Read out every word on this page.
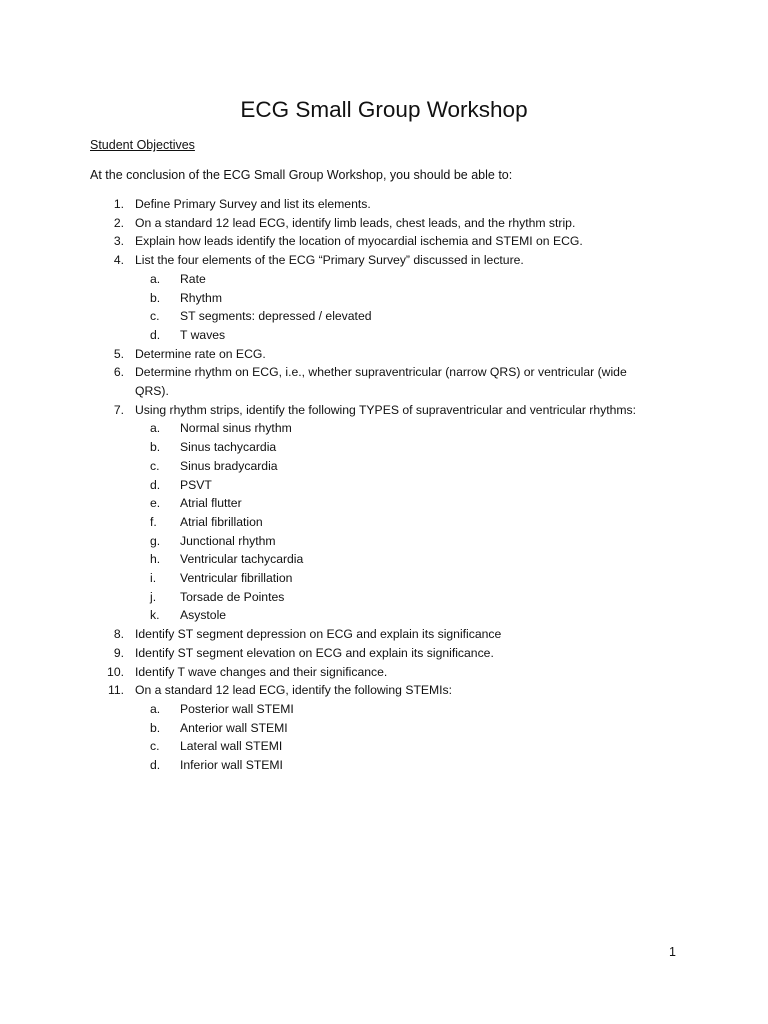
ECG Small Group Workshop

Student Objectives

At the conclusion of the ECG Small Group Workshop, you should be able to:

1. Define Primary Survey and list its elements.
2. On a standard 12 lead ECG, identify limb leads, chest leads, and the rhythm strip.
3. Explain how leads identify the location of myocardial ischemia and STEMI on ECG.
4. List the four elements of the ECG “Primary Survey” discussed in lecture.
a.	Rate
b.	Rhythm
c.	ST segments: depressed / elevated
d.	T waves
5. Determine rate on ECG.
6. Determine rhythm on ECG, i.e., whether supraventricular (narrow QRS) or ventricular (wide QRS).
7. Using rhythm strips, identify the following TYPES of supraventricular and ventricular rhythms:
a.	Normal sinus rhythm
b.	Sinus tachycardia
c.	Sinus bradycardia
d.	PSVT
e.	Atrial flutter
f.	Atrial fibrillation
g.	Junctional rhythm
h.	Ventricular tachycardia
i.	Ventricular fibrillation
j.	Torsade de Pointes
k.	Asystole
8. Identify ST segment depression on ECG and explain its significance
9. Identify ST segment elevation on ECG and explain its significance.
10. Identify T wave changes and their significance.
11. On a standard 12 lead ECG, identify the following STEMIs:
a.	Posterior wall STEMI
b.	Anterior wall STEMI
c.	Lateral wall STEMI
d.	Inferior wall STEMI

1
